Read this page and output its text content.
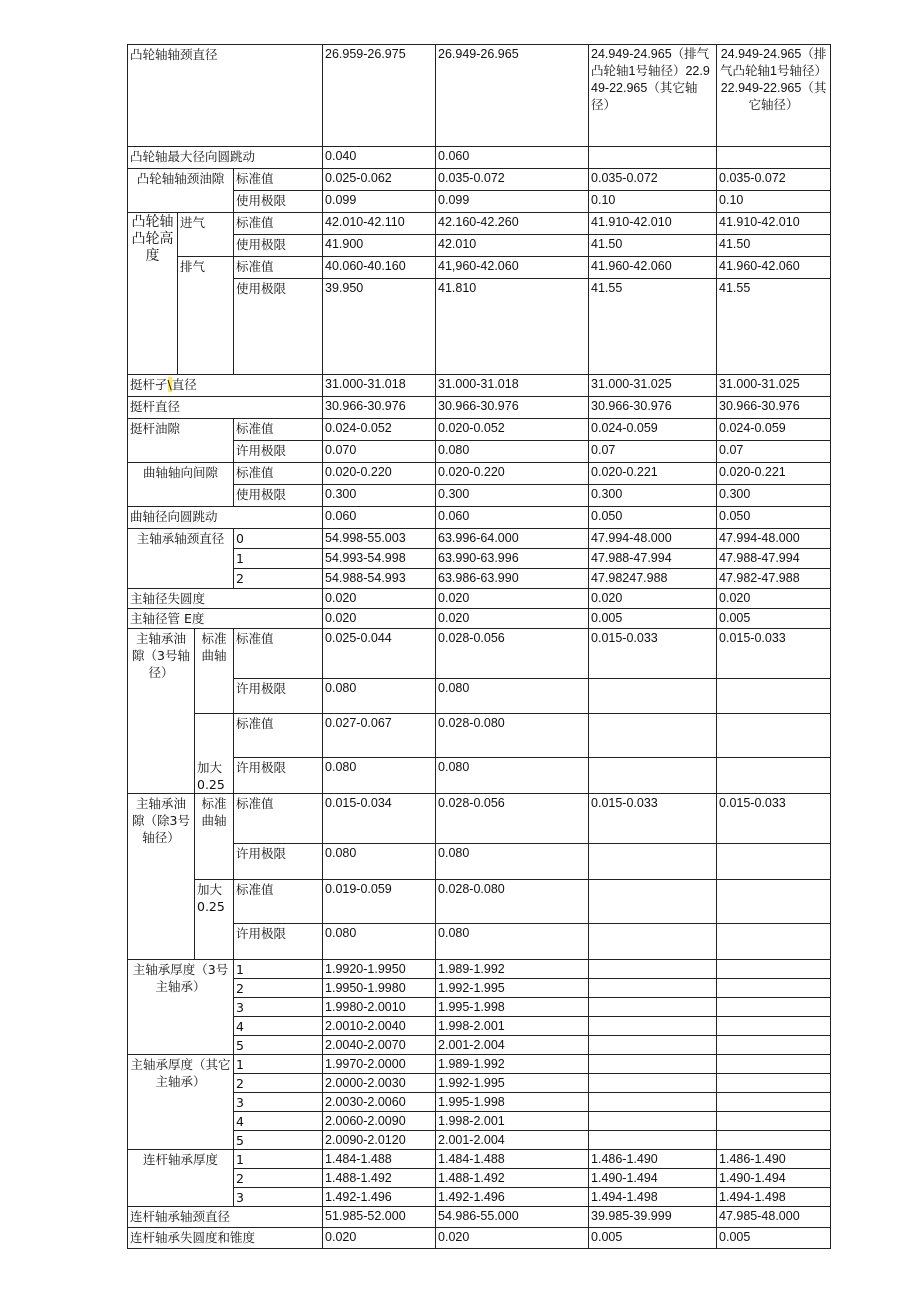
凸轮轴轴颈直径				26.959-26.975	26.949-26.965	24.949-24.965（排气凸轮轴1号轴径）22.949-22.965（其它轴径）	24.949-24.965（排气凸轮轴1号轴径）22.949-22.965（其它轴径）
凸轮轴最大径向圆跳动				0.040	0.060		
凸轮轴轴颈油隙			标准值	0.025-0.062	0.035-0.072	0.035-0.072	0.035-0.072
			使用极限	0.099	0.099	0.10	0.10
凸轮轴凸轮高度	进气		标准值	42.010-42.110	42.160-42.260	41.910-42.010	41.910-42.010
			使用极限	41.900	42.010	41.50	41.50
	排气		标准值	40.060-40.160	41,960-42.060	41.960-42.060	41.960-42.060
			使用极限	39.950	41.810	41.55	41.55
挺杆孑\直径				31.000-31.018	31.000-31.018	31.000-31.025	31.000-31.025
挺杆直径				30.966-30.976	30.966-30.976	30.966-30.976	30.966-30.976
挺杆油隙			标准值	0.024-0.052	0.020-0.052	0.024-0.059	0.024-0.059
			许用极限	0.070	0.080	0.07	0.07
曲轴轴向间隙			标准值	0.020-0.220	0.020-0.220	0.020-0.221	0.020-0.221
			使用极限	0.300	0.300	0.300	0.300
曲轴径向圆跳动				0.060	0.060	0.050	0.050
主轴承轴颈直径			0	54.998-55.003	63.996-64.000	47.994-48.000	47.994-48.000
			1	54.993-54.998	63.990-63.996	47.988-47.994	47.988-47.994
			2	54.988-54.993	63.986-63.990	47.98247.988	47.982-47.988
主轴径失圆度				0.020	0.020	0.020	0.020
主轴径管 E度				0.020	0.020	0.005	0.005
主轴承油隙（3号轴径）		标准曲轴	标准值	0.025-0.044	0.028-0.056	0.015-0.033	0.015-0.033
			许用极限	0.080	0.080		
		加大0.25	标准值	0.027-0.067	0.028-0.080		
			许用极限	0.080	0.080		
主轴承油隙（除3号轴径）		标准曲轴	标准值	0.015-0.034	0.028-0.056	0.015-0.033	0.015-0.033
			许用极限	0.080	0.080		
		加大0.25	标准值	0.019-0.059	0.028-0.080		
			许用极限	0.080	0.080		
主轴承厚度（3号主轴承）			1	1.9920-1.9950	1.989-1.992		
			2	1.9950-1.9980	1.992-1.995		
			3	1.9980-2.0010	1.995-1.998		
			4	2.0010-2.0040	1.998-2.001		
			5	2.0040-2.0070	2.001-2.004		
主轴承厚度（其它主轴承）			1	1.9970-2.0000	1.989-1.992		
			2	2.0000-2.0030	1.992-1.995		
			3	2.0030-2.0060	1.995-1.998		
			4	2.0060-2.0090	1.998-2.001		
			5	2.0090-2.0120	2.001-2.004		
连杆轴承厚度			1	1.484-1.488	1.484-1.488	1.486-1.490	1.486-1.490
			2	1.488-1.492	1.488-1.492	1.490-1.494	1.490-1.494
			3	1.492-1.496	1.492-1.496	1.494-1.498	1.494-1.498
连杆轴承轴颈直径				51.985-52.000	54.986-55.000	39.985-39.999	47.985-48.000
连杆轴承失圆度和锥度				0.020	0.020	0.005	0.005
